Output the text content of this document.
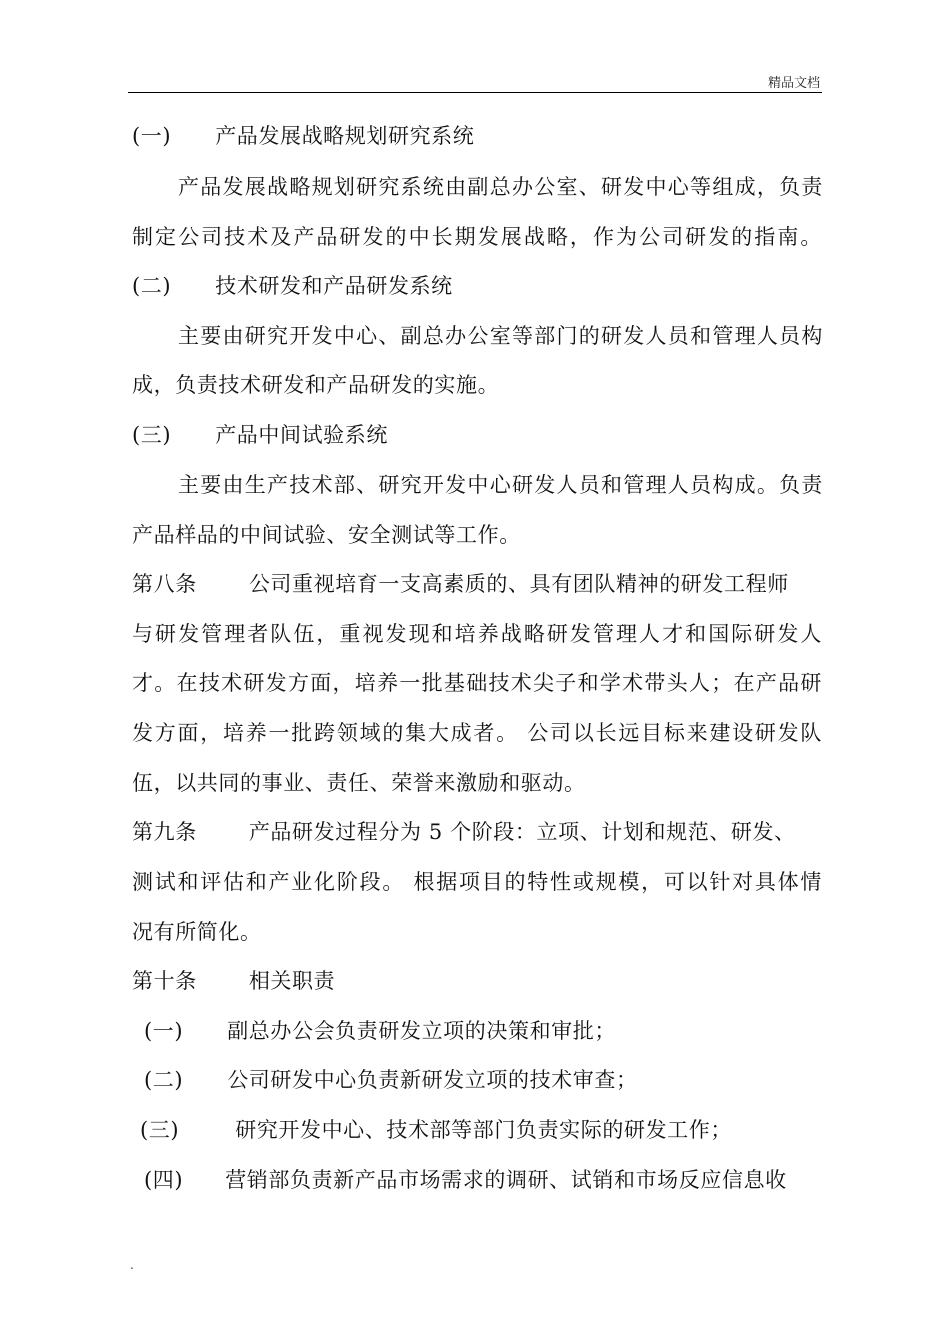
精品文档
(一) 产品发展战略规划研究系统
产品发展战略规划研究系统由副总办公室、研发中心等组成，负责
制定公司技术及产品研发的中长期发展战略，作为公司研发的指南。
(二) 技术研发和产品研发系统
主要由研究开发中心、副总办公室等部门的研发人员和管理人员构
成，负责技术研发和产品研发的实施。
(三) 产品中间试验系统
主要由生产技术部、研究开发中心研发人员和管理人员构成。负责
产品样品的中间试验、安全测试等工作。
第八条 公司重视培育一支高素质的、具有团队精神的研发工程师
与研发管理者队伍，重视发现和培养战略研发管理人才和国际研发人
才。在技术研发方面，培养一批基础技术尖子和学术带头人；在产品研
发方面，培养一批跨领域的集大成者。 公司以长远目标来建设研发队
伍，以共同的事业、责任、荣誉来激励和驱动。
第九条 产品研发过程分为 5 个阶段：立项、计划和规范、研发、
测试和评估和产业化阶段。 根据项目的特性或规模，可以针对具体情
况有所简化。
第十条 相关职责
(一) 副总办公会负责研发立项的决策和审批；
(二) 公司研发中心负责新研发立项的技术审查；
(三)	研究开发中心、技术部等部门负责实际的研发工作；
(四) 营销部负责新产品市场需求的调研、试销和市场反应信息收
.
